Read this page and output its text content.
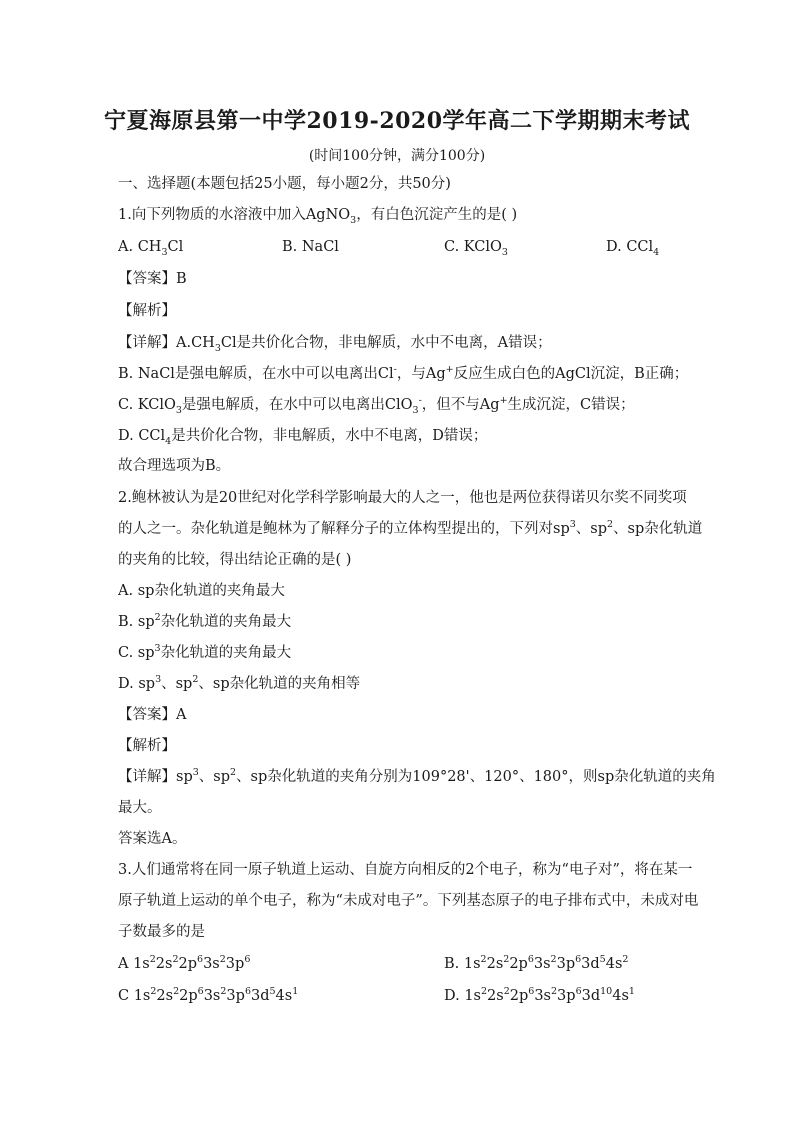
宁夏海原县第一中学2019-2020学年高二下学期期末考试
(时间100分钟，满分100分)
一、选择题(本题包括25小题，每小题2分，共50分)
1.向下列物质的水溶液中加入AgNO$_3$，有白色沉淀产生的是( )
A. $CH_3Cl$	B. NaCl	C. KClO$_3$	D. CCl$_4$
【答案】B
【解析】
【详解】$A.CH_3Cl$是共价化合物，非电解质，水中不电离，A错误；
B. NaCl是强电解质，在水中可以电离出Cl-，与Ag+反应生成白色的AgCl沉淀，B正确；
C. KClO$_3$是强电解质，在水中可以电离出ClO$_3$-，但不与Ag+生成沉淀，C错误；
D. CCl$_4$是共价化合物，非电解质，水中不电离，D错误；
故合理选项为B。
2.鲍林被认为是20世纪对化学科学影响最大的人之一，他也是两位获得诺贝尔奖不同奖项
的人之一。杂化轨道是鲍林为了解释分子的立体构型提出的，下列对$sp^3$、$sp^2$、sp杂化轨道
的夹角的比较，得出结论正确的是( )
A. sp杂化轨道的夹角最大
B. $sp^2$杂化轨道的夹角最大
C. $sp^3$杂化轨道的夹角最大
D. $sp^3$、$sp^2$、sp杂化轨道的夹角相等
【答案】A
【解析】
【详解】$sp^3$、$sp^2$、sp杂化轨道的夹角分别为109°28'、120°、180°，则sp杂化轨道的夹角
最大。
答案选A。
3.人们通常将在同一原子轨道上运动、自旋方向相反的2个电子，称为“电子对”，将在某一
原子轨道上运动的单个电子，称为“未成对电子”。下列基态原子的电子排布式中，未成对电
子数最多的是
A $1s^22s^22p^63s^23p^6$	B. $1s^22s^22p^63s^23p^63d^54s^2$
C $1s^22s^22p^63s^23p^63d^54s^1$	D. $1s^22s^22p^63s^23p^63d^{10}4s^1$
